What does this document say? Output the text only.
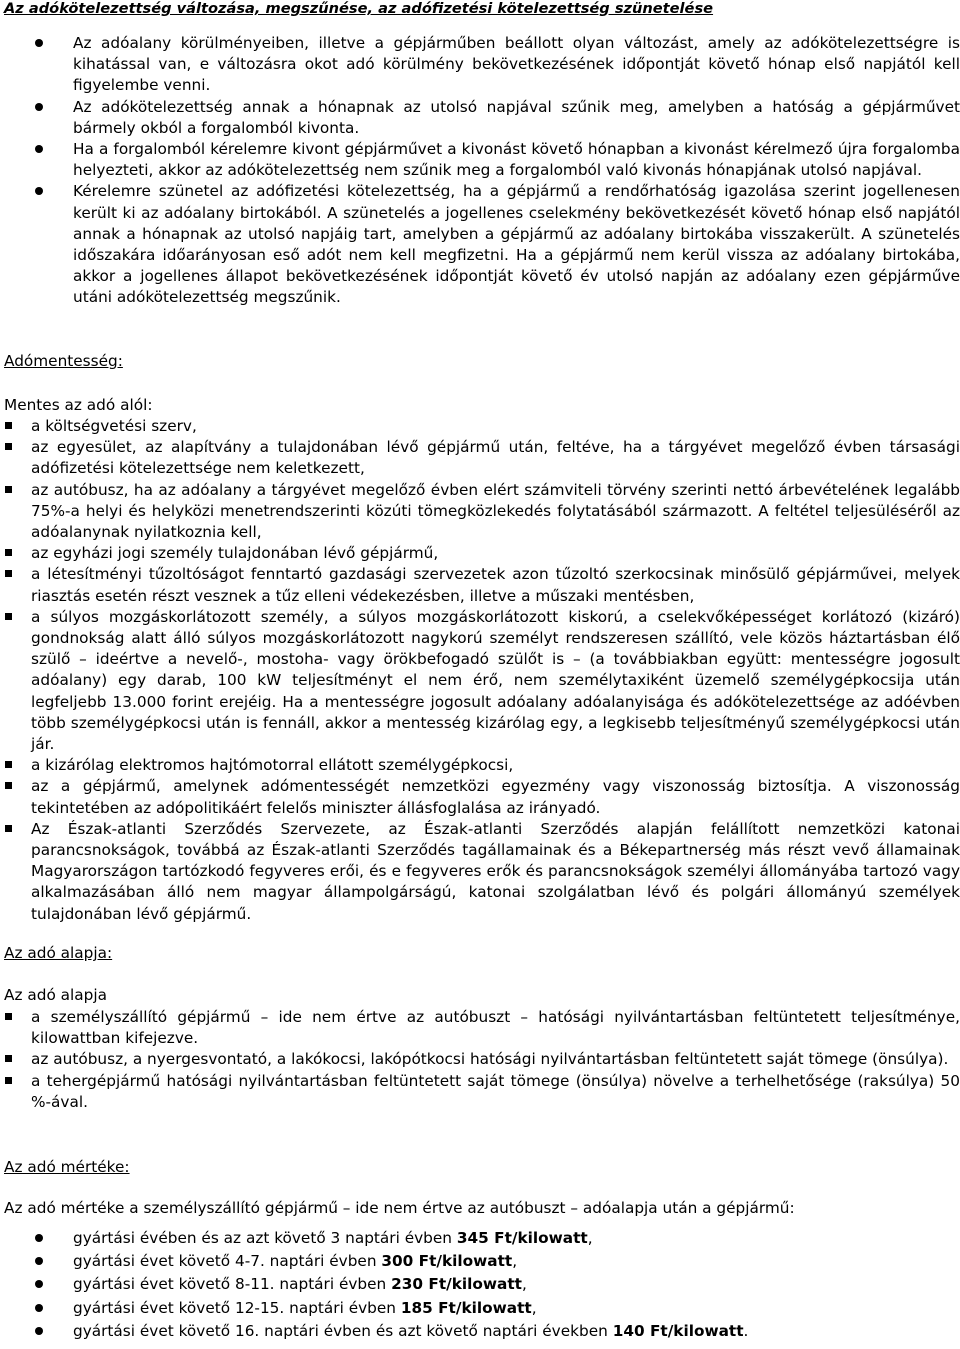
Az adókötelezettség változása, megszűnése, az adófizetési kötelezettség szünetelése
Az adóalany körülményeiben, illetve a gépjárműben beállott olyan változást, amely az adókötelezettségre is kihatással van, e változásra okot adó körülmény bekövetkezésének időpontját követő hónap első napjától kell figyelembe venni.
Az adókötelezettség annak a hónapnak az utolsó napjával szűnik meg, amelyben a hatóság a gépjárművet bármely okból a forgalomból kivonta.
Ha a forgalomból kérelemre kivont gépjárművet a kivonást követő hónapban a kivonást kérelmező újra forgalomba helyezteti, akkor az adókötelezettség nem szűnik meg a forgalomból való kivonás hónapjának utolsó napjával.
Kérelemre szünetel az adófizetési kötelezettség, ha a gépjármű a rendőrhatóság igazolása szerint jogellenesen került ki az adóalany birtokából. A szünetelés a jogellenes cselekmény bekövetkezését követő hónap első napjától annak a hónapnak az utolsó napjáig tart, amelyben a gépjármű az adóalany birtokába visszakerült. A szünetelés időszakára időarányosan eső adót nem kell megfizetni. Ha a gépjármű nem kerül vissza az adóalany birtokába, akkor a jogellenes állapot bekövetkezésének időpontját követő év utolsó napján az adóalany ezen gépjárműve utáni adókötelezettség megszűnik.
Adómentesség:
Mentes az adó alól:
a költségvetési szerv,
az egyesület, az alapítvány a tulajdonában lévő gépjármű után, feltéve, ha a tárgyévet megelőző évben társasági adófizetési kötelezettsége nem keletkezett,
az autóbusz, ha az adóalany a tárgyévet megelőző évben elért számviteli törvény szerinti nettó árbevételének legalább 75%-a helyi és helyközi menetrendszerinti közúti tömegközlekedés folytatásából származott. A feltétel teljesüléséről az adóalanynak nyilatkoznia kell,
az egyházi jogi személy tulajdonában lévő gépjármű,
a létesítményi tűzoltóságot fenntartó gazdasági szervezetek azon tűzoltó szerkocsinak minősülő gépjárművei, melyek riasztás esetén részt vesznek a tűz elleni védekezésben, illetve a műszaki mentésben,
a súlyos mozgáskorlátozott személy, a súlyos mozgáskorlátozott kiskorú, a cselekvőképességet korlátozó (kizáró) gondnokság alatt álló súlyos mozgáskorlátozott nagykorú személyt rendszeresen szállító, vele közös háztartásban élő szülő – ideértve a nevelő-, mostoha- vagy örökbefogadó szülőt is – (a továbbiakban együtt: mentességre jogosult adóalany) egy darab, 100 kW teljesítményt el nem érő, nem személytaxiként üzemelő személygépkocsija után legfeljebb 13.000 forint erejéig. Ha a mentességre jogosult adóalany adóalanyisága és adókötelezettsége az adóévben több személygépkocsi után is fennáll, akkor a mentesség kizárólag egy, a legkisebb teljesítményű személygépkocsi után jár.
a kizárólag elektromos hajtómotorral ellátott személygépkocsi,
az a gépjármű, amelynek adómentességét nemzetközi egyezmény vagy viszonosság biztosítja. A viszonosság tekintetében az adópolitikáért felelős miniszter állásfoglalása az irányadó.
Az Észak-atlanti Szerződés Szervezete, az Észak-atlanti Szerződés alapján felállított nemzetközi katonai parancsnokságok, továbbá az Észak-atlanti Szerződés tagállamainak és a Békepartnerség más részt vevő államainak Magyarországon tartózkodó fegyveres erői, és e fegyveres erők és parancsnokságok személyi állományába tartozó vagy alkalmazásában álló nem magyar állampolgárságú, katonai szolgálatban lévő és polgári állományú személyek tulajdonában lévő gépjármű.
Az adó alapja:
Az adó alapja
a személyszállító gépjármű – ide nem értve az autóbuszt – hatósági nyilvántartásban feltüntetett teljesítménye, kilowattban kifejezve.
az autóbusz, a nyergesvontató, a lakókocsi, lakópótkocsi hatósági nyilvántartásban feltüntetett saját tömege (önsúlya).
a tehergépjármű hatósági nyilvántartásban feltüntetett saját tömege (önsúlya) növelve a terhelhetősége (raksúlya) 50 %-ával.
Az adó mértéke:
Az adó mértéke a személyszállító gépjármű – ide nem értve az autóbuszt – adóalapja után a gépjármű:
gyártási évében és az azt követő 3 naptári évben 345 Ft/kilowatt,
gyártási évet követő 4-7. naptári évben 300 Ft/kilowatt,
gyártási évet követő 8-11. naptári évben 230 Ft/kilowatt,
gyártási évet követő 12-15. naptári évben 185 Ft/kilowatt,
gyártási évet követő 16. naptári évben és azt követő naptári években 140 Ft/kilowatt.
